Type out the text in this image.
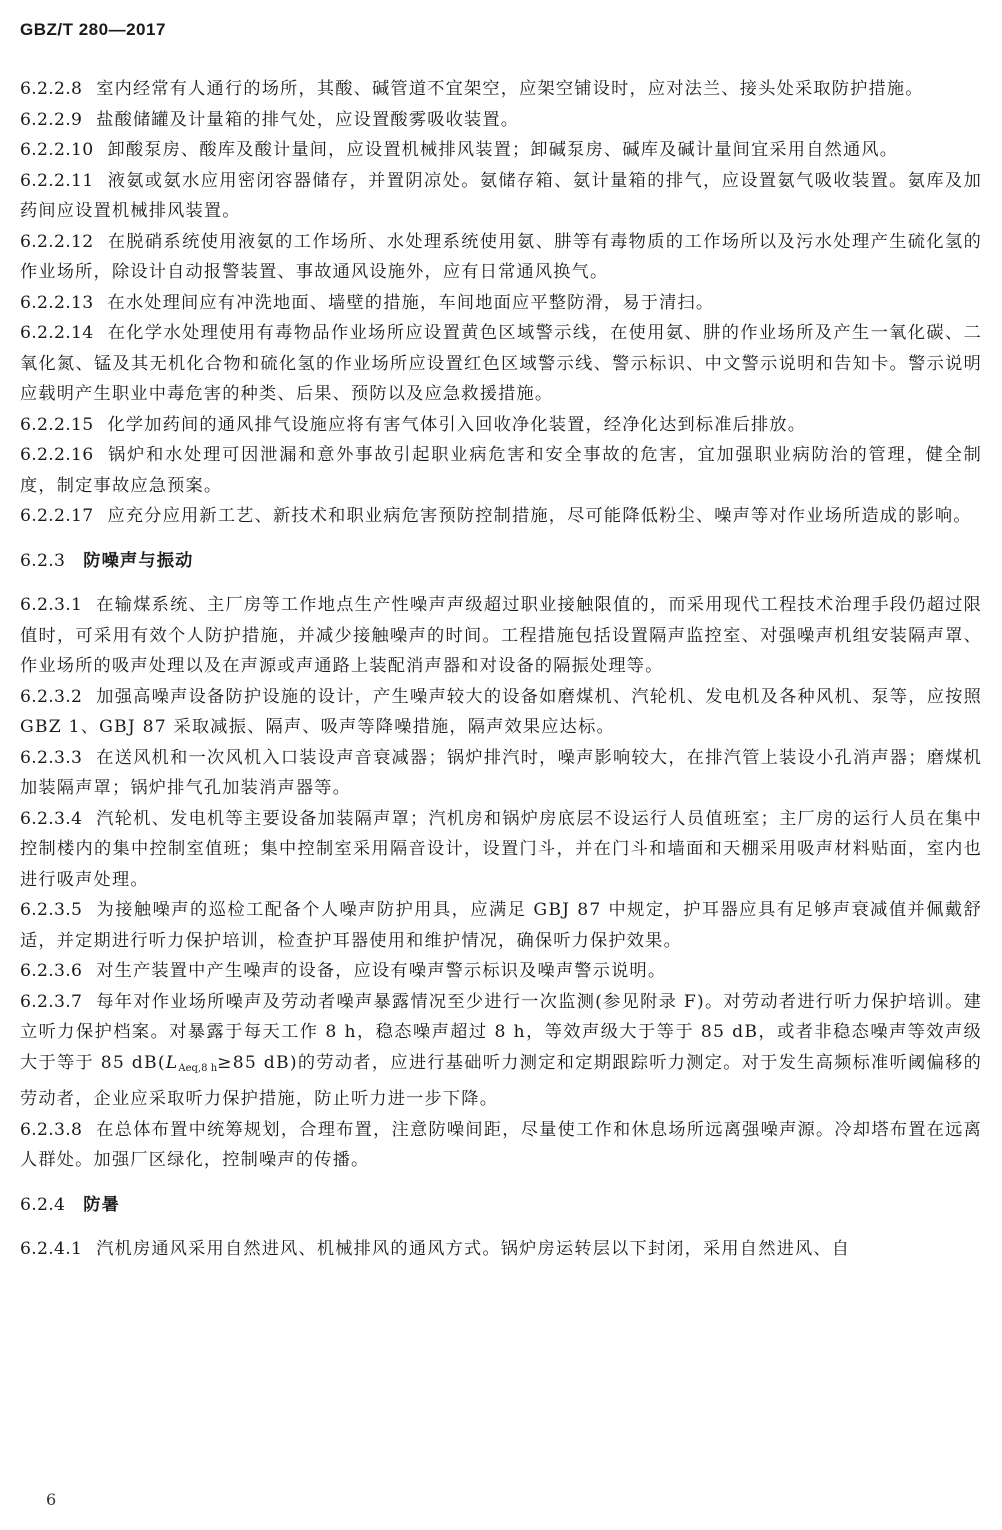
GBZ/T 280—2017

6.2.2.8 室内经常有人通行的场所，其酸、碱管道不宜架空，应架空铺设时，应对法兰、接头处采取防护措施。

6.2.2.9 盐酸储罐及计量箱的排气处，应设置酸雾吸收装置。

6.2.2.10 卸酸泵房、酸库及酸计量间，应设置机械排风装置；卸碱泵房、碱库及碱计量间宜采用自然通风。

6.2.2.11 液氨或氨水应用密闭容器储存，并置阴凉处。氨储存箱、氨计量箱的排气，应设置氨气吸收装置。氨库及加药间应设置机械排风装置。

6.2.2.12 在脱硝系统使用液氨的工作场所、水处理系统使用氨、肼等有毒物质的工作场所以及污水处理产生硫化氢的作业场所，除设计自动报警装置、事故通风设施外，应有日常通风换气。

6.2.2.13 在水处理间应有冲洗地面、墙壁的措施，车间地面应平整防滑，易于清扫。

6.2.2.14 在化学水处理使用有毒物品作业场所应设置黄色区域警示线，在使用氨、肼的作业场所及产生一氧化碳、二氧化氮、锰及其无机化合物和硫化氢的作业场所应设置红色区域警示线、警示标识、中文警示说明和告知卡。警示说明应载明产生职业中毒危害的种类、后果、预防以及应急救援措施。

6.2.2.15 化学加药间的通风排气设施应将有害气体引入回收净化装置，经净化达到标准后排放。

6.2.2.16 锅炉和水处理可因泄漏和意外事故引起职业病危害和安全事故的危害，宜加强职业病防治的管理，健全制度，制定事故应急预案。

6.2.2.17 应充分应用新工艺、新技术和职业病危害预防控制措施，尽可能降低粉尘、噪声等对作业场所造成的影响。

6.2.3 防噪声与振动

6.2.3.1 在输煤系统、主厂房等工作地点生产性噪声声级超过职业接触限值的，而采用现代工程技术治理手段仍超过限值时，可采用有效个人防护措施，并减少接触噪声的时间。工程措施包括设置隔声监控室、对强噪声机组安装隔声罩、作业场所的吸声处理以及在声源或声通路上装配消声器和对设备的隔振处理等。

6.2.3.2 加强高噪声设备防护设施的设计，产生噪声较大的设备如磨煤机、汽轮机、发电机及各种风机、泵等，应按照 GBZ 1、GBJ 87 采取减振、隔声、吸声等降噪措施，隔声效果应达标。

6.2.3.3 在送风机和一次风机入口装设声音衰减器；锅炉排汽时，噪声影响较大，在排汽管上装设小孔消声器；磨煤机加装隔声罩；锅炉排气孔加装消声器等。

6.2.3.4 汽轮机、发电机等主要设备加装隔声罩；汽机房和锅炉房底层不设运行人员值班室；主厂房的运行人员在集中控制楼内的集中控制室值班；集中控制室采用隔音设计，设置门斗，并在门斗和墙面和天棚采用吸声材料贴面，室内也进行吸声处理。

6.2.3.5 为接触噪声的巡检工配备个人噪声防护用具，应满足 GBJ 87 中规定，护耳器应具有足够声衰减值并佩戴舒适，并定期进行听力保护培训，检查护耳器使用和维护情况，确保听力保护效果。

6.2.3.6 对生产装置中产生噪声的设备，应设有噪声警示标识及噪声警示说明。

6.2.3.7 每年对作业场所噪声及劳动者噪声暴露情况至少进行一次监测(参见附录 F)。对劳动者进行听力保护培训。建立听力保护档案。对暴露于每天工作 8 h，稳态噪声超过 8 h，等效声级大于等于 85 dB，或者非稳态噪声等效声级大于等于 85 $dB(L_{Aeq,8 h}\ge 85$ dB)的劳动者，应进行基础听力测定和定期跟踪听力测定。对于发生高频标准听阈偏移的劳动者，企业应采取听力保护措施，防止听力进一步下降。

6.2.3.8 在总体布置中统筹规划，合理布置，注意防噪间距，尽量使工作和休息场所远离强噪声源。冷却塔布置在远离人群处。加强厂区绿化，控制噪声的传播。

6.2.4 防暑

6.2.4.1 汽机房通风采用自然进风、机械排风的通风方式。锅炉房运转层以下封闭，采用自然进风、自

6
